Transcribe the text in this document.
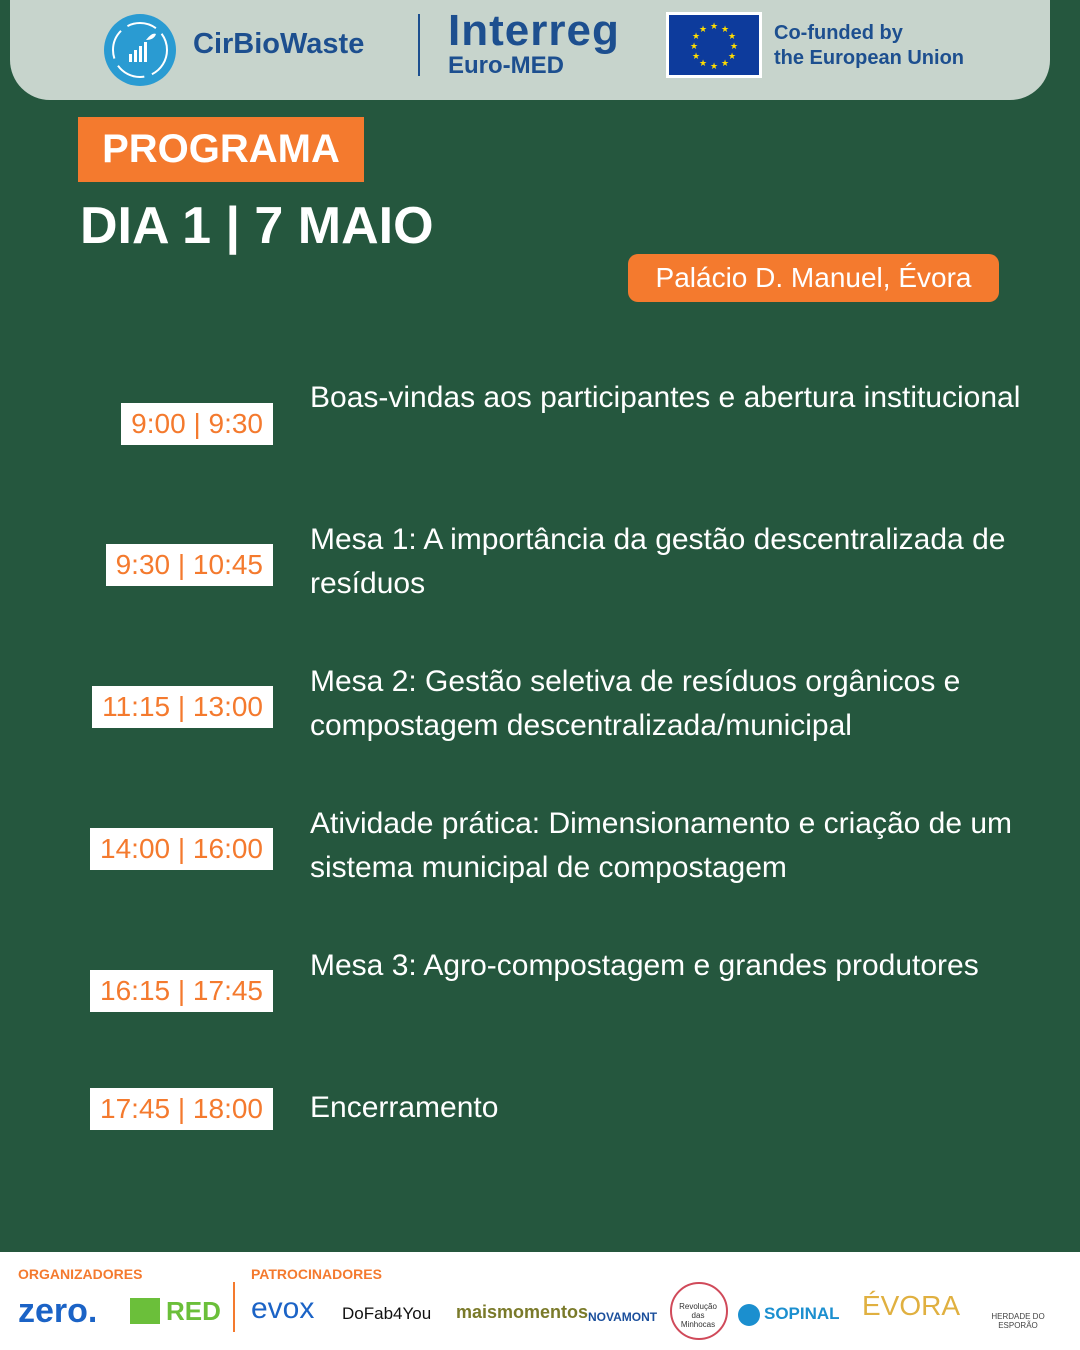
CirBioWaste Interreg
Euro-MED
★ ★
★
★
★
★
★
★
★
★
★
★	Co-funded by
the European Union
PROGRAMA
DIA 1 | 7 MAIO
Palácio D. Manuel, Évora
9:00 | 9:30
Boas-vindas aos participantes e abertura institucional
9:30 | 10:45
Mesa 1: A importância da gestão descentralizada de resíduos
11:15 | 13:00
Mesa 2: Gestão seletiva de resíduos orgânicos e compostagem descentralizada/municipal
14:00 | 16:00
Atividade prática: Dimensionamento e criação de um sistema municipal de compostagem
16:15 | 17:45
Mesa 3: Agro-compostagem e grandes produtores
17:45 | 18:00	Encerramento
ORGANIZADORES	PATROCINADORES
zero.	RED evox DoFab4You maismomentos NOVAMONT
Revolução das Minhocas
SOPINAL ÉVORA	HERDADE DO ESPORÃO
